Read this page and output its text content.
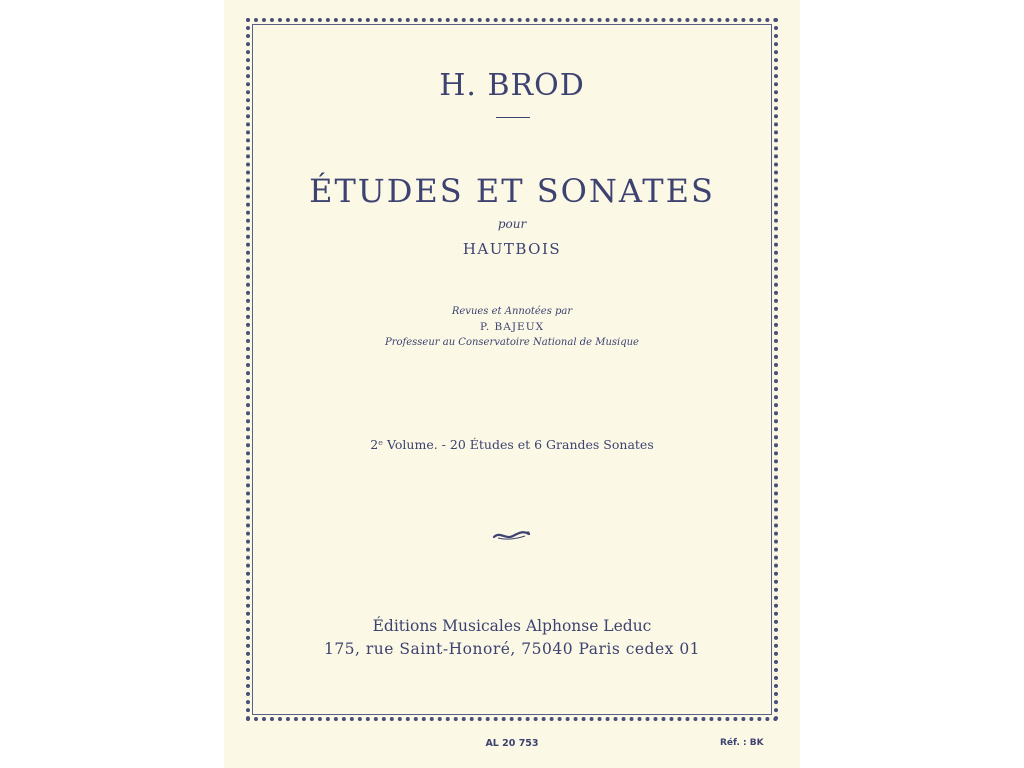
H. BROD
ÉTUDES ET SONATES
pour
HAUTBOIS
Revues et Annotées par
P. BAJEUX
Professeur au Conservatoire National de Musique
2ᵉ Volume. - 20 Études et 6 Grandes Sonates
Éditions Musicales Alphonse Leduc
175, rue Saint-Honoré, 75040 Paris cedex 01
AL 20 753	Réf. : BK
